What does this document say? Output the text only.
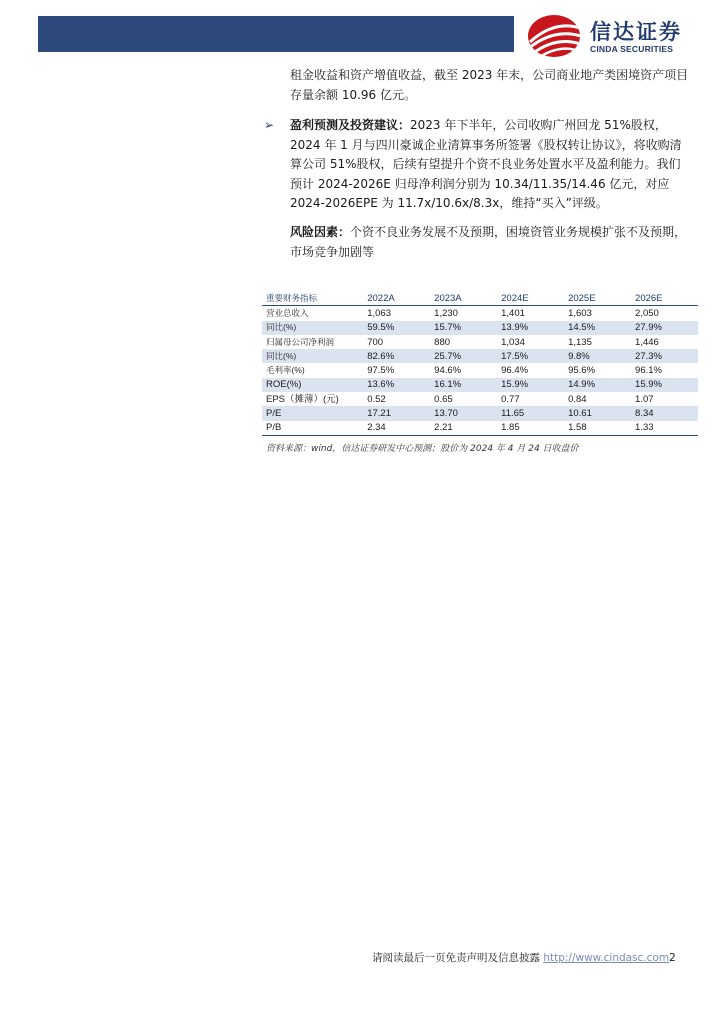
信达证券
CINDA SECURITIES
租金收益和资产增值收益，截至 2023 年末，公司商业地产类困境资产项目存量余额 10.96 亿元。
➢ 盈利预测及投资建议：2023 年下半年，公司收购广州回龙 51%股权，2024 年 1 月与四川豪诚企业清算事务所签署《股权转让协议》，将收购清算公司 51%股权，后续有望提升个资不良业务处置水平及盈利能力。我们预计 2024-2026E 归母净利润分别为 10.34/11.35/14.46 亿元，对应 2024-2026EPE 为 11.7x/10.6x/8.3x，维持“买入”评级。
风险因素：个资不良业务发展不及预期，困境资管业务规模扩张不及预期，市场竞争加剧等
重要财务指标	2022A	2023A	2024E	2025E	2026E
营业总收入	1,063	1,230	1,401	1,603	2,050
同比(%)	59.5%	15.7%	13.9%	14.5%	27.9%
归属母公司净利润	700	880	1,034	1,135	1,446
同比(%)	82.6%	25.7%	17.5%	9.8%	27.3%
毛利率(%)	97.5%	94.6%	96.4%	95.6%	96.1%
ROE(%)	13.6%	16.1%	15.9%	14.9%	15.9%
EPS（摊薄）(元)	0.52	0.65	0.77	0.84	1.07
P/E	17.21	13.70	11.65	10.61	8.34
P/B	2.34	2.21	1.85	1.58	1.33
资料来源：wind，信达证券研发中心预测；股价为 2024 年 4 月 24 日收盘价
请阅读最后一页免责声明及信息披露 http://www.cindasc.com2
